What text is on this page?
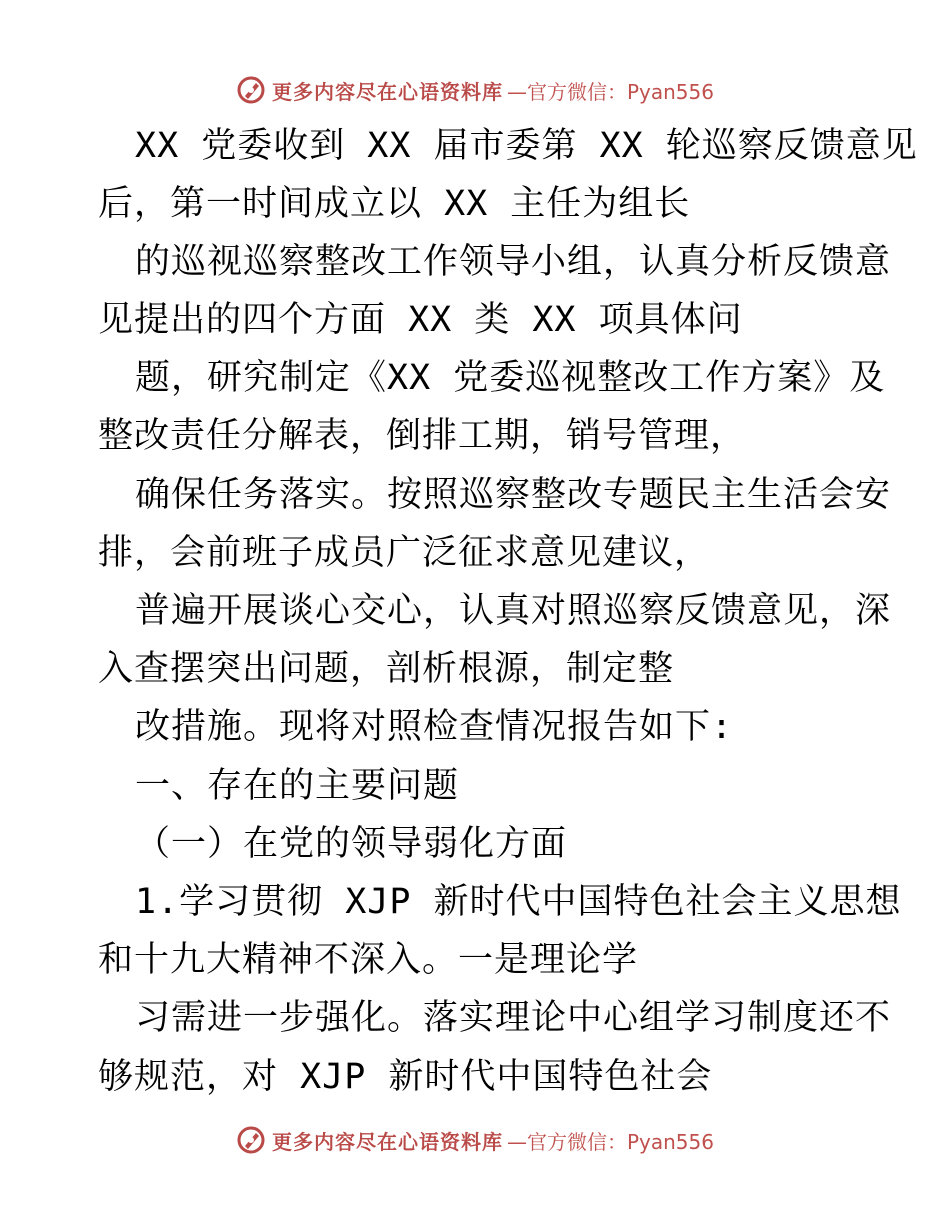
更多内容尽在心语资料库 —官方微信：Pyan556
XX 党委收到 XX 届市委第 XX 轮巡察反馈意见
后，第一时间成立以 XX 主任为组长
的巡视巡察整改工作领导小组，认真分析反馈意
见提出的四个方面 XX 类 XX 项具体问
题，研究制定《XX 党委巡视整改工作方案》及
整改责任分解表，倒排工期，销号管理，
确保任务落实。按照巡察整改专题民主生活会安
排，会前班子成员广泛征求意见建议，
普遍开展谈心交心，认真对照巡察反馈意见，深
入查摆突出问题，剖析根源，制定整
改措施。现将对照检查情况报告如下:
一、存在的主要问题
（一）在党的领导弱化方面
1.学习贯彻 XJP 新时代中国特色社会主义思想
和十九大精神不深入。一是理论学
习需进一步强化。落实理论中心组学习制度还不
够规范，对 XJP 新时代中国特色社会
更多内容尽在心语资料库 —官方微信：Pyan556
